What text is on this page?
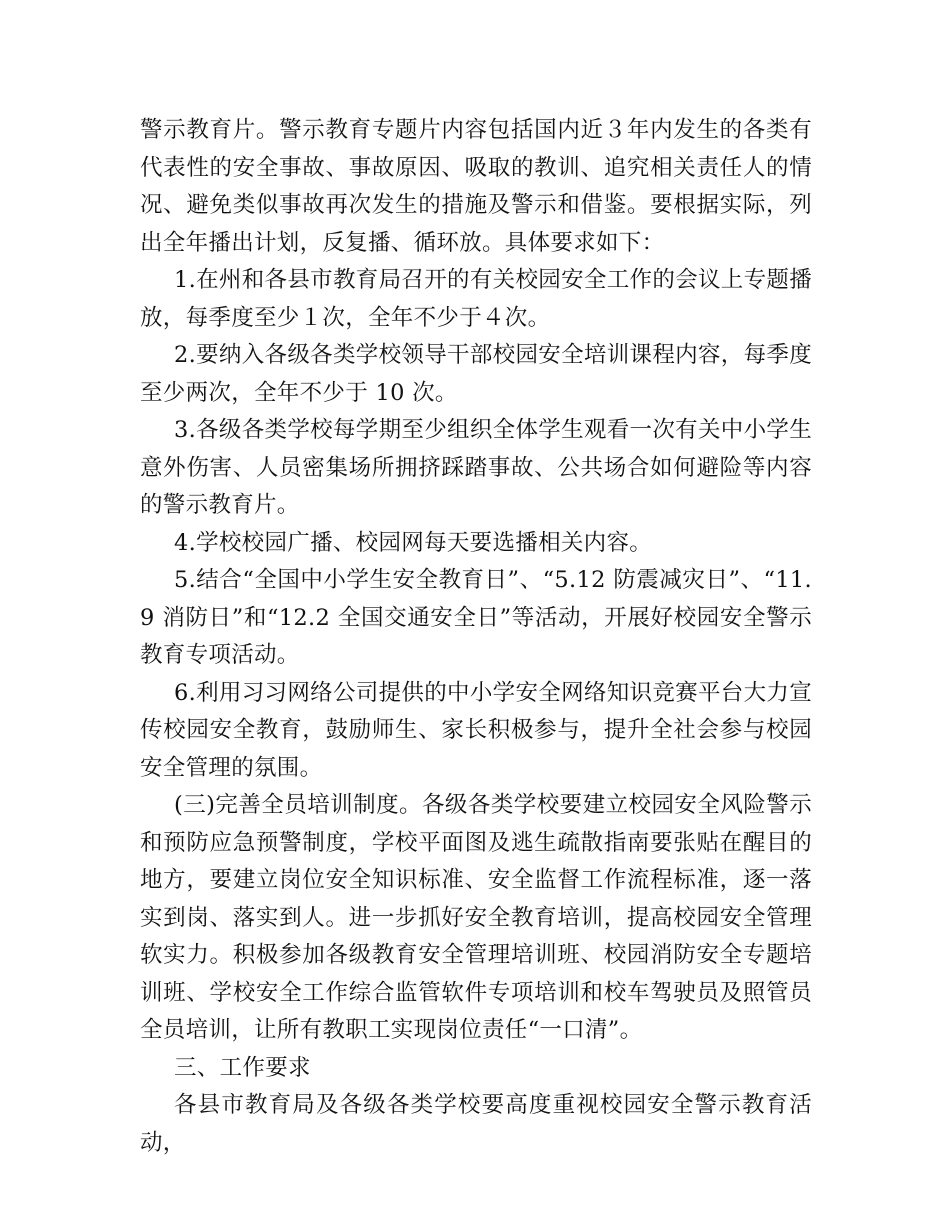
警示教育片。警示教育专题片内容包括国内近３年内发生的各类有代表性的安全事故、事故原因、吸取的教训、追究相关责任人的情况、避免类似事故再次发生的措施及警示和借鉴。要根据实际，列出全年播出计划，反复播、循环放。具体要求如下：

1.在州和各县市教育局召开的有关校园安全工作的会议上专题播放，每季度至少１次，全年不少于４次。

2.要纳入各级各类学校领导干部校园安全培训课程内容，每季度至少两次，全年不少于 10 次。

3.各级各类学校每学期至少组织全体学生观看一次有关中小学生意外伤害、人员密集场所拥挤踩踏事故、公共场合如何避险等内容的警示教育片。

4.学校校园广播、校园网每天要选播相关内容。

5.结合“全国中小学生安全教育日”、“5.12 防震减灾日”、“11.9 消防日”和“12.2 全国交通安全日”等活动，开展好校园安全警示教育专项活动。

6.利用习习网络公司提供的中小学安全网络知识竞赛平台大力宣传校园安全教育，鼓励师生、家长积极参与，提升全社会参与校园安全管理的氛围。

(三)完善全员培训制度。各级各类学校要建立校园安全风险警示和预防应急预警制度，学校平面图及逃生疏散指南要张贴在醒目的地方，要建立岗位安全知识标准、安全监督工作流程标准，逐一落实到岗、落实到人。进一步抓好安全教育培训，提高校园安全管理软实力。积极参加各级教育安全管理培训班、校园消防安全专题培训班、学校安全工作综合监管软件专项培训和校车驾驶员及照管员全员培训，让所有教职工实现岗位责任“一口清”。

三、工作要求

各县市教育局及各级各类学校要高度重视校园安全警示教育活动，
